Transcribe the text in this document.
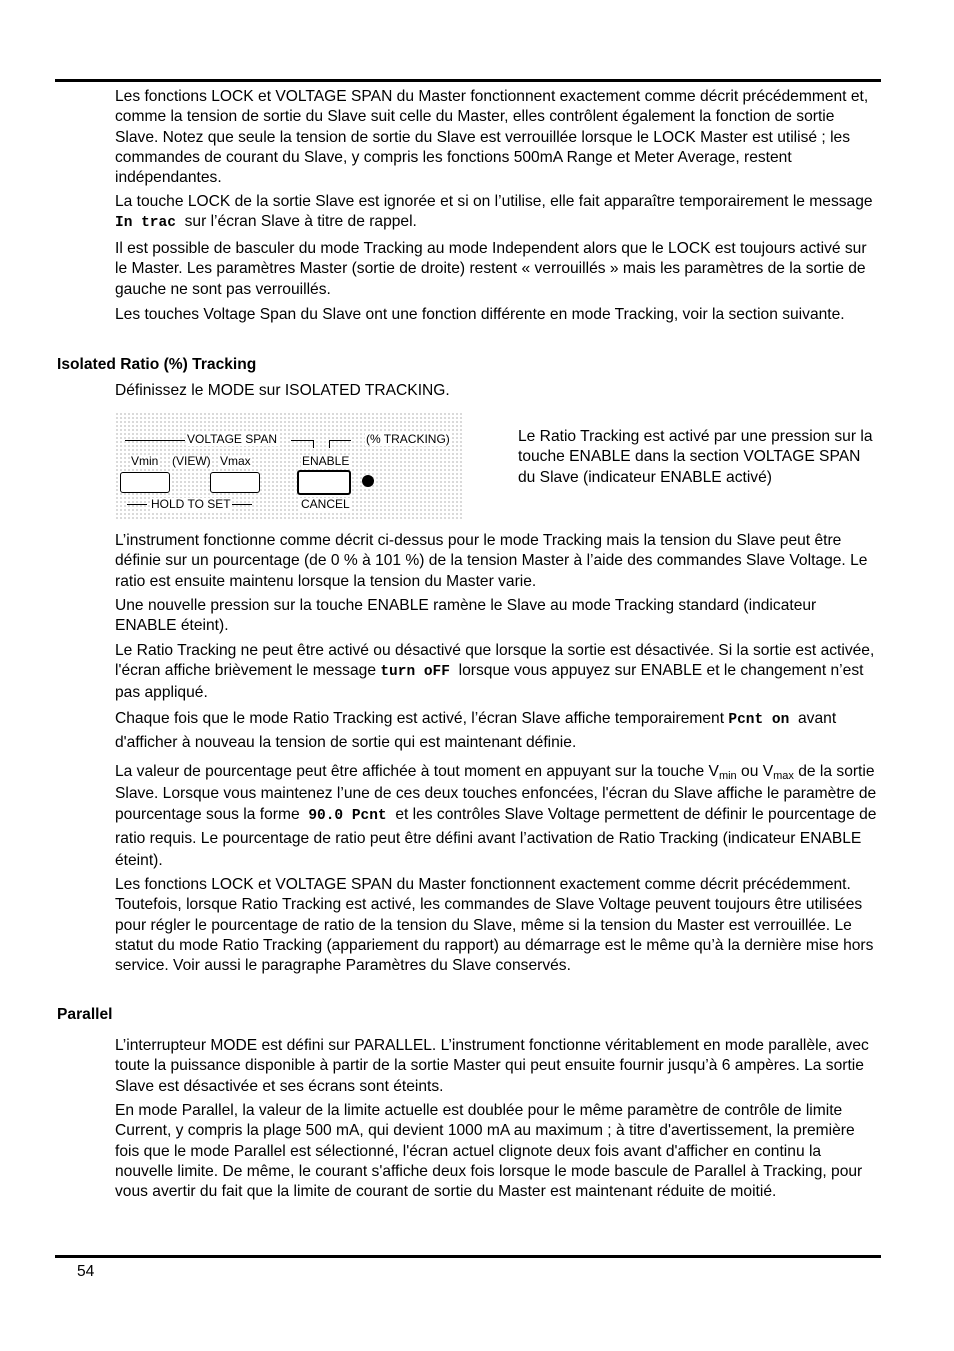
Les fonctions LOCK et VOLTAGE SPAN du Master fonctionnent exactement comme décrit précédemment et, comme la tension de sortie du Slave suit celle du Master, elles contrôlent également la fonction de sortie Slave. Notez que seule la tension de sortie du Slave est verrouillée lorsque le LOCK Master est utilisé ; les commandes de courant du Slave, y compris les fonctions 500mA Range et Meter Average, restent indépendantes.

La touche LOCK de la sortie Slave est ignorée et si on l’utilise, elle fait apparaître temporairement le message  In trac sur l’écran Slave à titre de rappel.

Il est possible de basculer du mode Tracking au mode Independent alors que le LOCK est toujours activé sur le Master. Les paramètres Master (sortie de droite) restent « verrouillés » mais les paramètres de la sortie de gauche ne sont pas verrouillés.

Les touches Voltage Span du Slave ont une fonction différente en mode Tracking, voir la section suivante.

Isolated Ratio (%) Tracking

Définissez le MODE sur ISOLATED TRACKING.

VOLTAGE SPAN	(% TRACKING)
Vmin (VIEW) Vmax	ENABLE
HOLD TO SET	CANCEL

Le Ratio Tracking est activé par une pression sur la touche ENABLE dans la section VOLTAGE SPAN du Slave (indicateur ENABLE activé)

L’instrument fonctionne comme décrit ci-dessus pour le mode Tracking mais la tension du Slave peut être définie sur un pourcentage (de 0 % à 101 %) de la tension Master à l’aide des commandes Slave Voltage. Le ratio est ensuite maintenu lorsque la tension du Master varie.

Une nouvelle pression sur la touche ENABLE ramène le Slave au mode Tracking standard (indicateur ENABLE éteint).

Le Ratio Tracking ne peut être activé ou désactivé que lorsque la sortie est désactivée. Si la sortie est activée, l'écran affiche brièvement le message turn oFF lorsque vous appuyez sur ENABLE et le changement n’est pas appliqué.

Chaque fois que le mode Ratio Tracking est activé, l’écran Slave affiche temporairement Pcnt on avant d'afficher à nouveau la tension de sortie qui est maintenant définie.

La valeur de pourcentage peut être affichée à tout moment en appuyant sur la touche $V_{min}$ ou $V_{max}$ de la sortie Slave. Lorsque vous maintenez l’une de ces deux touches enfoncées, l'écran du Slave affiche le paramètre de pourcentage sous la forme 90.0 Pcnt et les contrôles Slave Voltage permettent de définir le pourcentage de ratio requis. Le pourcentage de ratio peut être défini avant l’activation de Ratio Tracking (indicateur ENABLE éteint).

Les fonctions LOCK et VOLTAGE SPAN du Master fonctionnent exactement comme décrit précédemment. Toutefois, lorsque Ratio Tracking est activé, les commandes de Slave Voltage peuvent toujours être utilisées pour régler le pourcentage de ratio de la tension du Slave, même si la tension du Master est verrouillée. Le statut du mode Ratio Tracking (appariement du rapport) au démarrage est le même qu’à la dernière mise hors service. Voir aussi le paragraphe Paramètres du Slave conservés.

Parallel

L’interrupteur MODE est défini sur PARALLEL. L’instrument fonctionne véritablement en mode parallèle, avec toute la puissance disponible à partir de la sortie Master qui peut ensuite fournir jusqu’à 6 ampères. La sortie Slave est désactivée et ses écrans sont éteints.

En mode Parallel, la valeur de la limite actuelle est doublée pour le même paramètre de contrôle de limite Current, y compris la plage 500 mA, qui devient 1000 mA au maximum ; à titre d'avertissement, la première fois que le mode Parallel est sélectionné, l'écran actuel clignote deux fois avant d'afficher en continu la nouvelle limite. De même, le courant s'affiche deux fois lorsque le mode bascule de Parallel à Tracking, pour vous avertir du fait que la limite de courant de sortie du Master est maintenant réduite de moitié.

54
